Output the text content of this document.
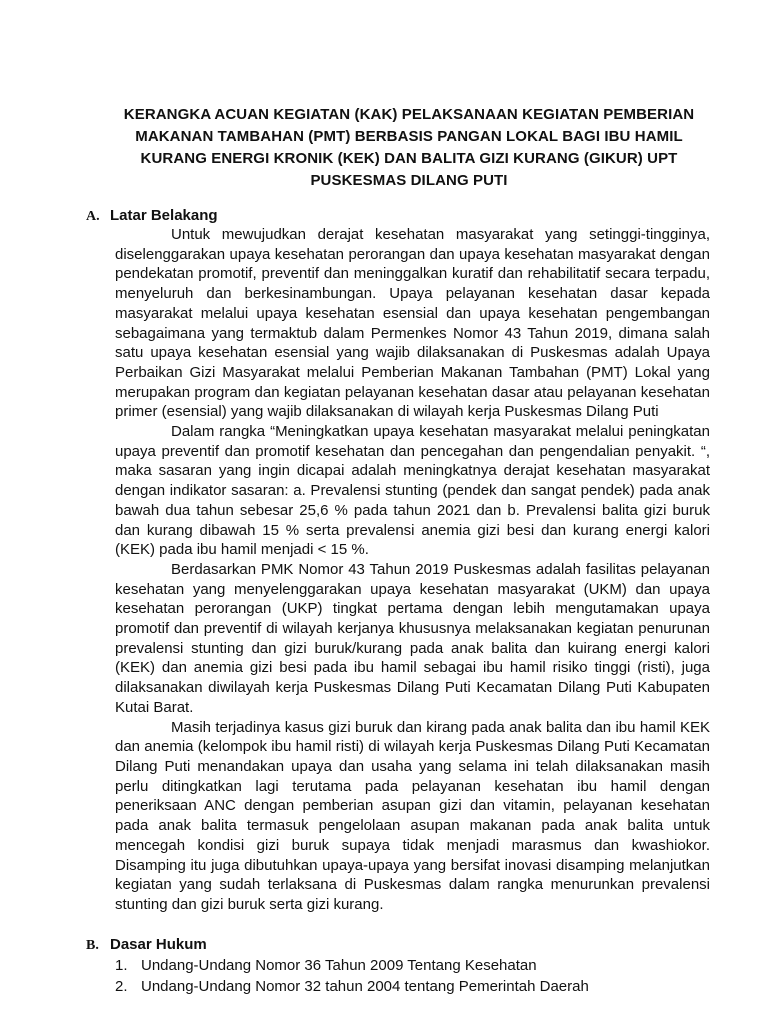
KERANGKA ACUAN KEGIATAN (KAK) PELAKSANAAN KEGIATAN PEMBERIAN
MAKANAN TAMBAHAN (PMT) BERBASIS PANGAN LOKAL BAGI IBU HAMIL
KURANG ENERGI KRONIK (KEK) DAN BALITA GIZI KURANG (GIKUR) UPT
PUSKESMAS DILANG PUTI
A. Latar Belakang

Untuk mewujudkan derajat kesehatan masyarakat yang setinggi-tingginya, diselenggarakan upaya kesehatan perorangan dan upaya kesehatan masyarakat dengan pendekatan promotif, preventif dan meninggalkan kuratif dan rehabilitatif secara terpadu, menyeluruh dan berkesinambungan. Upaya pelayanan kesehatan dasar kepada masyarakat melalui upaya kesehatan esensial dan upaya kesehatan pengembangan sebagaimana yang termaktub dalam Permenkes Nomor 43 Tahun 2019, dimana salah satu upaya kesehatan esensial yang wajib dilaksanakan di Puskesmas adalah Upaya Perbaikan Gizi Masyarakat melalui Pemberian Makanan Tambahan (PMT) Lokal yang merupakan program dan kegiatan pelayanan kesehatan dasar atau pelayanan kesehatan primer (esensial) yang wajib dilaksanakan di wilayah kerja Puskesmas Dilang Puti

Dalam rangka “Meningkatkan upaya kesehatan masyarakat melalui peningkatan upaya preventif dan promotif kesehatan dan pencegahan dan pengendalian penyakit. “, maka sasaran yang ingin dicapai adalah meningkatnya derajat kesehatan masyarakat dengan indikator sasaran: a. Prevalensi stunting (pendek dan sangat pendek) pada anak bawah dua tahun sebesar 25,6 % pada tahun 2021 dan b. Prevalensi balita gizi buruk dan kurang dibawah 15 % serta prevalensi anemia gizi besi dan kurang energi kalori (KEK) pada ibu hamil menjadi < 15 %.

Berdasarkan PMK Nomor 43 Tahun 2019 Puskesmas adalah fasilitas pelayanan kesehatan yang menyelenggarakan upaya kesehatan masyarakat (UKM) dan upaya kesehatan perorangan (UKP) tingkat pertama dengan lebih mengutamakan upaya promotif dan preventif di wilayah kerjanya khususnya melaksanakan kegiatan penurunan prevalensi stunting dan gizi buruk/kurang pada anak balita dan kuirang energi kalori (KEK) dan anemia gizi besi pada ibu hamil sebagai ibu hamil risiko tinggi (risti), juga dilaksanakan diwilayah kerja Puskesmas Dilang Puti Kecamatan Dilang Puti Kabupaten Kutai Barat.

Masih terjadinya kasus gizi buruk dan kirang pada anak balita dan ibu hamil KEK dan anemia (kelompok ibu hamil risti) di wilayah kerja Puskesmas Dilang Puti Kecamatan Dilang Puti menandakan upaya dan usaha yang selama ini telah dilaksanakan masih perlu ditingkatkan lagi terutama pada pelayanan kesehatan ibu hamil dengan peneriksaan ANC dengan pemberian asupan gizi dan vitamin, pelayanan kesehatan pada anak balita termasuk pengelolaan asupan makanan pada anak balita untuk mencegah kondisi gizi buruk supaya tidak menjadi marasmus dan kwashiokor. Disamping itu juga dibutuhkan upaya-upaya yang bersifat inovasi disamping melanjutkan kegiatan yang sudah terlaksana di Puskesmas dalam rangka menurunkan prevalensi stunting dan gizi buruk serta gizi kurang.

B. Dasar Hukum
1. Undang-Undang Nomor 36 Tahun 2009 Tentang Kesehatan
2. Undang-Undang Nomor 32 tahun 2004 tentang Pemerintah Daerah
